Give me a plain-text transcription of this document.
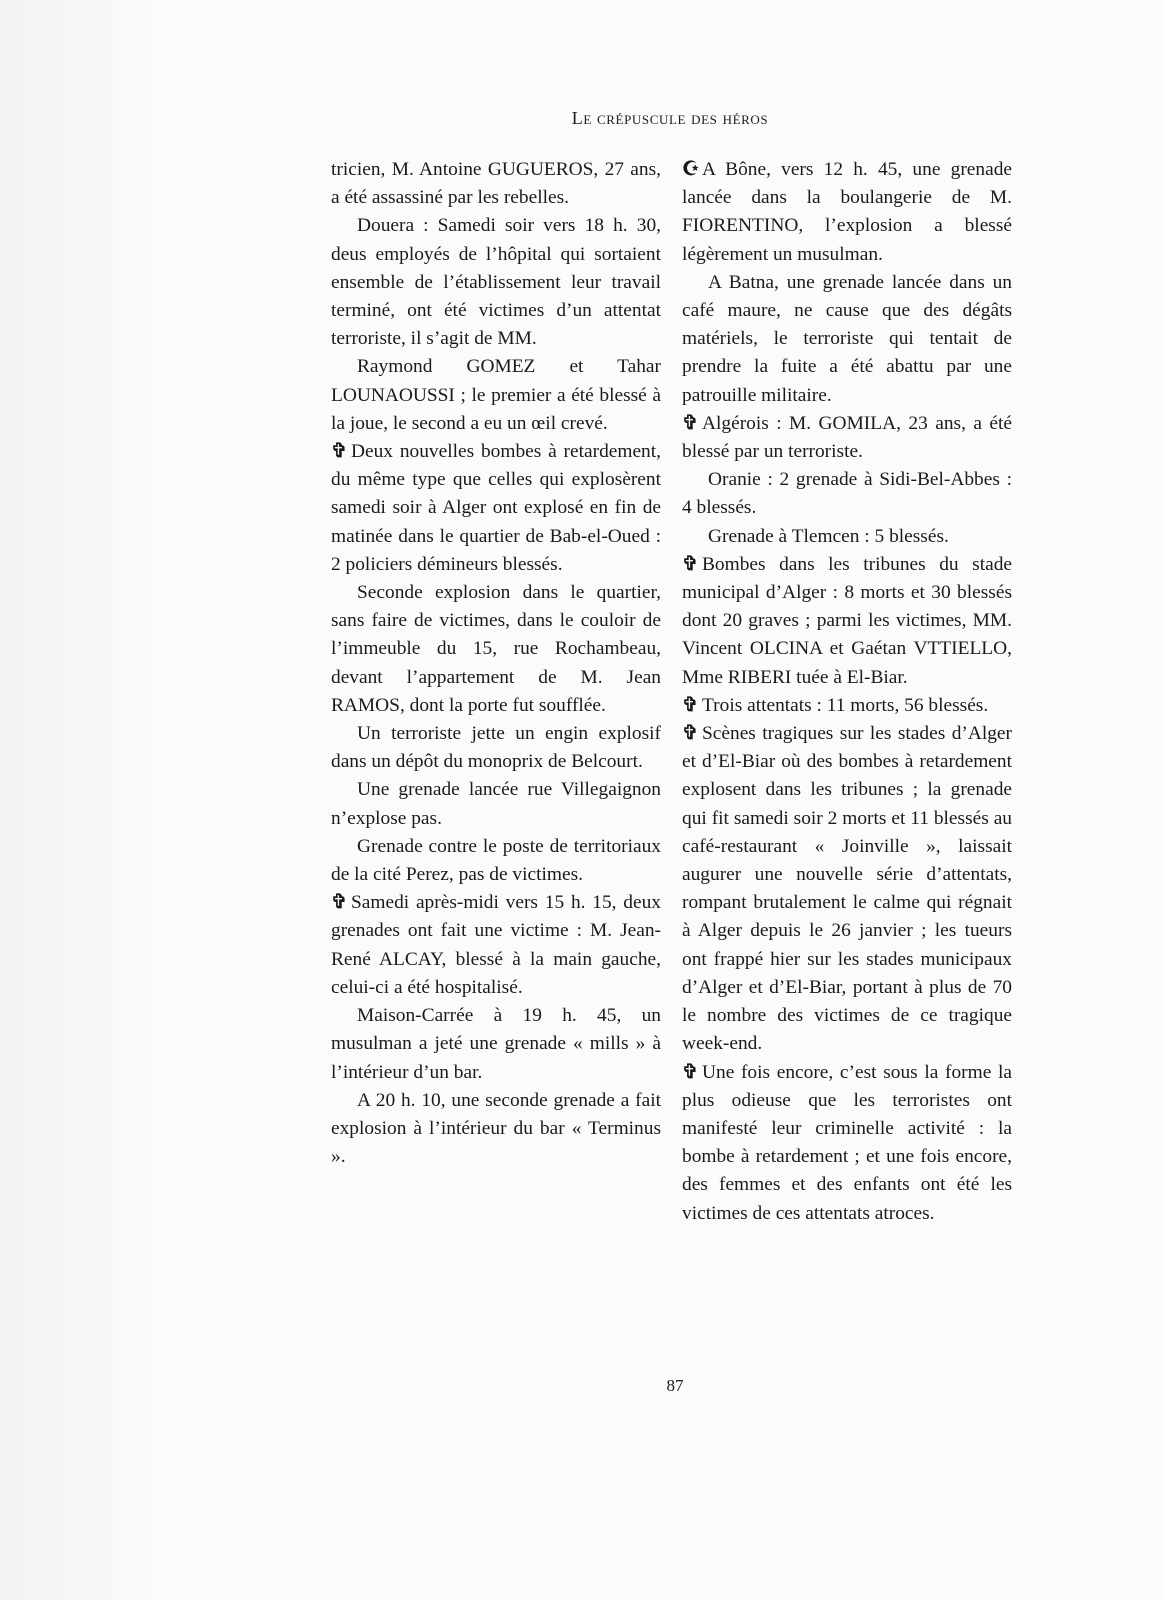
Le crépuscule des héros

tricien, M. Antoine GUGUEROS, 27 ans, a été assassiné par les rebelles.

Douera : Samedi soir vers 18 h. 30, deus employés de l’hôpital qui sortaient ensemble de l’établissement leur travail terminé, ont été victimes d’un attentat terroriste, il s’agit de MM.

Raymond GOMEZ et Tahar LOUNAOUSSI ; le premier a été blessé à la joue, le second a eu un œil crevé.

✞ Deux nouvelles bombes à retardement, du même type que celles qui explosèrent samedi soir à Alger ont explosé en fin de matinée dans le quartier de Bab-el-Oued : 2 policiers démineurs blessés.

Seconde explosion dans le quartier, sans faire de victimes, dans le couloir de l’immeuble du 15, rue Rochambeau, devant l’appartement de M. Jean RAMOS, dont la porte fut soufflée.

Un terroriste jette un engin explosif dans un dépôt du monoprix de Belcourt.

Une grenade lancée rue Villegaignon n’explose pas.

Grenade contre le poste de territoriaux de la cité Perez, pas de victimes.

✞ Samedi après-midi vers 15 h. 15, deux grenades ont fait une victime : M. Jean-René ALCAY, blessé à la main gauche, celui-ci a été hospitalisé.

Maison-Carrée à 19 h. 45, un musulman a jeté une grenade « mills » à l’intérieur d’un bar.

A 20 h. 10, une seconde grenade a fait explosion à l’intérieur du bar « Terminus ».

☪ A Bône, vers 12 h. 45, une grenade lancée dans la boulangerie de M. FIORENTINO, l’explosion a blessé légèrement un musulman.

A Batna, une grenade lancée dans un café maure, ne cause que des dégâts matériels, le terroriste qui tentait de prendre la fuite a été abattu par une patrouille militaire.

✞ Algérois : M. GOMILA, 23 ans, a été blessé par un terroriste.

Oranie : 2 grenade à Sidi-Bel-Abbes : 4 blessés.

Grenade à Tlemcen : 5 blessés.

✞ Bombes dans les tribunes du stade municipal d’Alger : 8 morts et 30 blessés dont 20 graves ; parmi les victimes, MM. Vincent OLCINA et Gaétan VTTIELLO, Mme RIBERI tuée à El-Biar.

✞ Trois attentats : 11 morts, 56 blessés.

✞ Scènes tragiques sur les stades d’Alger et d’El-Biar où des bombes à retardement explosent dans les tribunes ; la grenade qui fit samedi soir 2 morts et 11 blessés au café-restaurant « Joinville », laissait augurer une nouvelle série d’attentats, rompant brutalement le calme qui régnait à Alger depuis le 26 janvier ; les tueurs ont frappé hier sur les stades municipaux d’Alger et d’El-Biar, portant à plus de 70 le nombre des victimes de ce tragique week-end.

✞ Une fois encore, c’est sous la forme la plus odieuse que les terroristes ont manifesté leur criminelle activité : la bombe à retardement ; et une fois encore, des femmes et des enfants ont été les victimes de ces attentats atroces.

87
